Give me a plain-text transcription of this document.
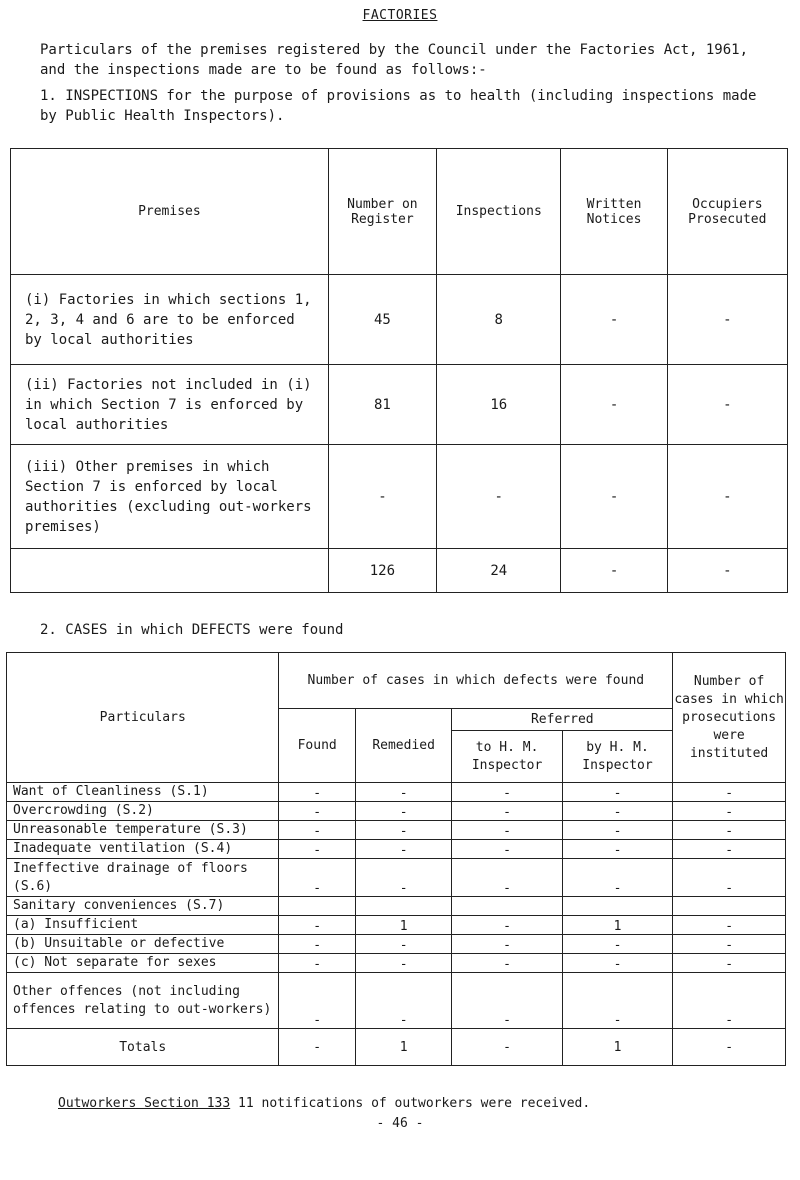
FACTORIES
Particulars of the premises registered by the Council under the Factories Act, 1961, and the inspections made are to be found as follows:-
1. INSPECTIONS for the purpose of provisions as to health (including inspections made by Public Health Inspectors).
Premises	Number on Register	Inspections	Written Notices	Occupiers Prosecuted
(i) Factories in which sections 1, 2, 3, 4 and 6 are to be enforced by local authorities	45	8	-	-
(ii) Factories not included in (i) in which Section 7 is enforced by local authorities	81	16	-	-
(iii) Other premises in which Section 7 is enforced by local authorities (excluding out-workers premises)	-	-	-	-
	126	24	-	-
2. CASES in which DEFECTS were found
Particulars	Number of cases in which defects were found				Number of cases in which prosecutions were instituted
	Found	Remedied	Referred		
			to H. M. Inspector	by H. M. Inspector	
Want of Cleanliness (S.1)	-	-	-	-	-
Overcrowding (S.2)	-	-	-	-	-
Unreasonable temperature (S.3)	-	-	-	-	-
Inadequate ventilation (S.4)	-	-	-	-	-
Ineffective drainage of floors (S.6)	-	-	-	-	-
Sanitary conveniences (S.7)					
(a) Insufficient	-	1	-	1	-
(b) Unsuitable or defective	-	-	-	-	-
(c) Not separate for sexes	-	-	-	-	-
Other offences (not including offences relating to out-workers)	-	-	-	-	-
Totals	-	1	-	1	-
Outworkers Section 133 11 notifications of outworkers were received.
- 46 -
